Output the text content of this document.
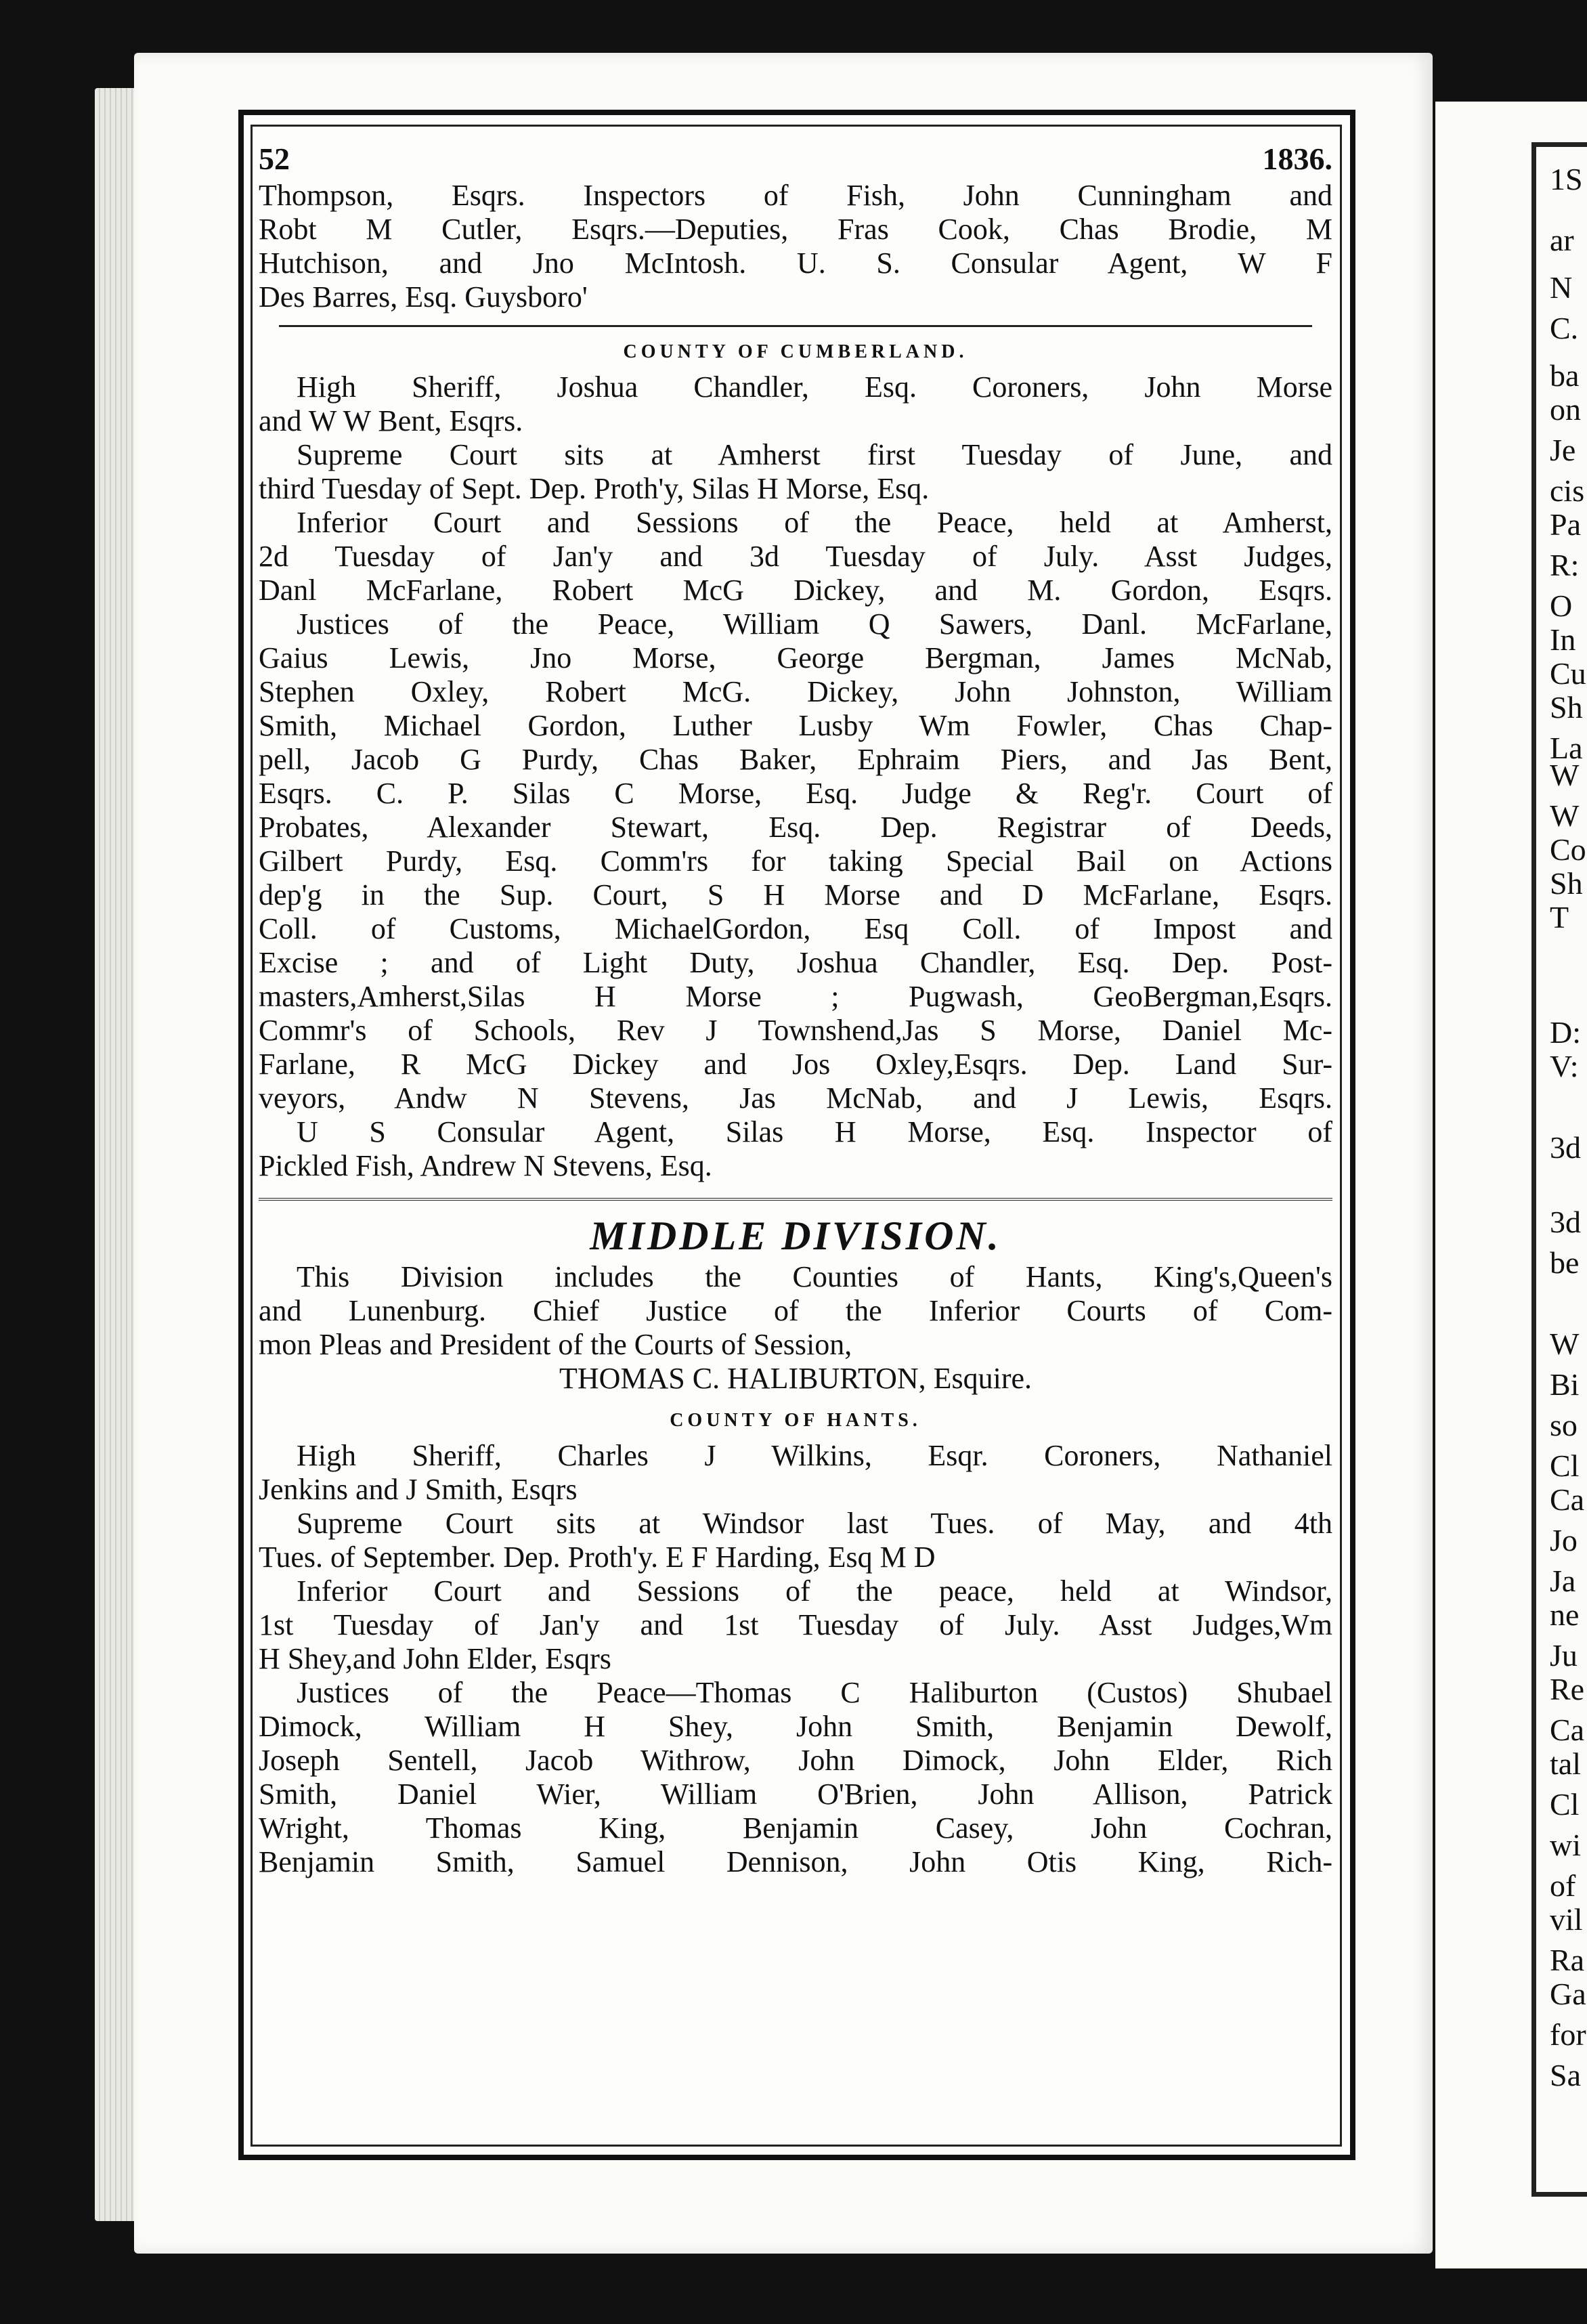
1S
ar
N
C.
ba
on
Je
cis
Pa
R:
O
In
Cu
Sh
La
W
W
Co
Sh
T
D:
V:
3d
3d
be
W
Bi
so
Cl
Ca
Jo
Ja
ne
Ju
Re
Ca
tal
Cl
wi
of
vil
Ra
Ga
for
Sa
52	1836.
Thompson, Esqrs. Inspectors of Fish, John Cunningham and
Robt M Cutler, Esqrs.—Deputies, Fras Cook, Chas Brodie, M
Hutchison, and Jno McIntosh. U. S. Consular Agent, W F
Des Barres, Esq. Guysboro'
COUNTY OF CUMBERLAND.
High Sheriff, Joshua Chandler, Esq. Coroners, John Morse
and W W Bent, Esqrs.
Supreme Court sits at Amherst first Tuesday of June, and
third Tuesday of Sept. Dep. Proth'y, Silas H Morse, Esq.
Inferior Court and Sessions of the Peace, held at Amherst,
2d Tuesday of Jan'y and 3d Tuesday of July. Asst Judges,
Danl McFarlane, Robert McG Dickey, and M. Gordon, Esqrs.
Justices of the Peace, William Q Sawers, Danl. McFarlane,
Gaius Lewis, Jno Morse, George Bergman, James McNab,
Stephen Oxley, Robert McG. Dickey, John Johnston, William
Smith, Michael Gordon, Luther Lusby Wm Fowler, Chas Chap-
pell, Jacob G Purdy, Chas Baker, Ephraim Piers, and Jas Bent,
Esqrs. C. P. Silas C Morse, Esq. Judge & Reg'r. Court of
Probates, Alexander Stewart, Esq. Dep. Registrar of Deeds,
Gilbert Purdy, Esq. Comm'rs for taking Special Bail on Actions
dep'g in the Sup. Court, S H Morse and D McFarlane, Esqrs.
Coll. of Customs, MichaelGordon, Esq Coll. of Impost and
Excise ; and of Light Duty, Joshua Chandler, Esq. Dep. Post-
masters,Amherst,Silas H Morse ; Pugwash, GeoBergman,Esqrs.
Commr's of Schools, Rev J Townshend,Jas S Morse, Daniel Mc-
Farlane, R McG Dickey and Jos Oxley,Esqrs. Dep. Land Sur-
veyors, Andw N Stevens, Jas McNab, and J Lewis, Esqrs.
U S Consular Agent, Silas H Morse, Esq. Inspector of
Pickled Fish, Andrew N Stevens, Esq.
MIDDLE DIVISION.
This Division includes the Counties of Hants, King's,Queen's
and Lunenburg. Chief Justice of the Inferior Courts of Com-
mon Pleas and President of the Courts of Session,
THOMAS C. HALIBURTON, Esquire.
COUNTY OF HANTS.
High Sheriff, Charles J Wilkins, Esqr. Coroners, Nathaniel
Jenkins and J Smith, Esqrs
Supreme Court sits at Windsor last Tues. of May, and 4th
Tues. of September. Dep. Proth'y. E F Harding, Esq M D
Inferior Court and Sessions of the peace, held at Windsor,
1st Tuesday of Jan'y and 1st Tuesday of July. Asst Judges,Wm
H Shey,and John Elder, Esqrs
Justices of the Peace—Thomas C Haliburton (Custos) Shubael
Dimock, William H Shey, John Smith, Benjamin Dewolf,
Joseph Sentell, Jacob Withrow, John Dimock, John Elder, Rich
Smith, Daniel Wier, William O'Brien, John Allison, Patrick
Wright, Thomas King, Benjamin Casey, John Cochran,
Benjamin Smith, Samuel Dennison, John Otis King, Rich-
